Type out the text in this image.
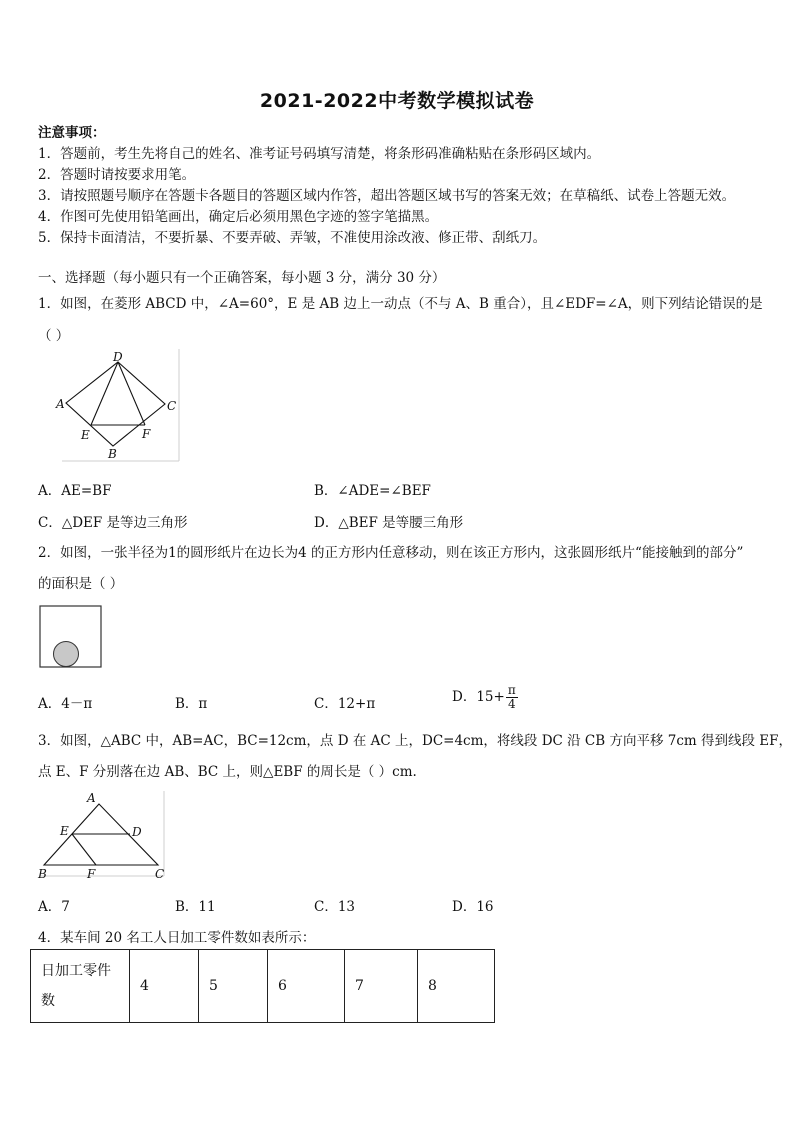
2021-2022中考数学模拟试卷
注意事项：
1．答题前，考生先将自己的姓名、准考证号码填写清楚，将条形码准确粘贴在条形码区域内。
2．答题时请按要求用笔。
3．请按照题号顺序在答题卡各题目的答题区域内作答，超出答题区域书写的答案无效；在草稿纸、试卷上答题无效。
4．作图可先使用铅笔画出，确定后必须用黑色字迹的签字笔描黑。
5．保持卡面清洁，不要折暴、不要弄破、弄皱，不准使用涂改液、修正带、刮纸刀。
一、选择题（每小题只有一个正确答案，每小题 3 分，满分 30 分）
1．如图，在菱形 ABCD 中，∠A=60°，E 是 AB 边上一动点（不与 A、B 重合），且∠EDF=∠A，则下列结论错误的是
（ ）
D
A	C
E	F
B
A．AE=BF	B．∠ADE=∠BEF
C．△DEF 是等边三角形	D．△BEF 是等腰三角形
2．如图，一张半径为1的圆形纸片在边长为4 的正方形内任意移动，则在该正方形内，这张圆形纸片“能接触到的部分”
的面积是（ ）
A．4－π	B．π	C．12+π	D．$15+ \frac{\pi}{4}$
3．如图，△ABC 中，AB=AC，BC=12cm，点 D 在 AC 上，DC=4cm，将线段 DC 沿 CB 方向平移 7cm 得到线段 EF，
点 E、F 分别落在边 AB、BC 上，则△EBF 的周长是（ ）cm.
A
E	D
B	F	C
A．7	B．11	C．13	D．16
4．某车间 20 名工人日加工零件数如表所示：
日加工零件
数
	4	5	6	7	8
